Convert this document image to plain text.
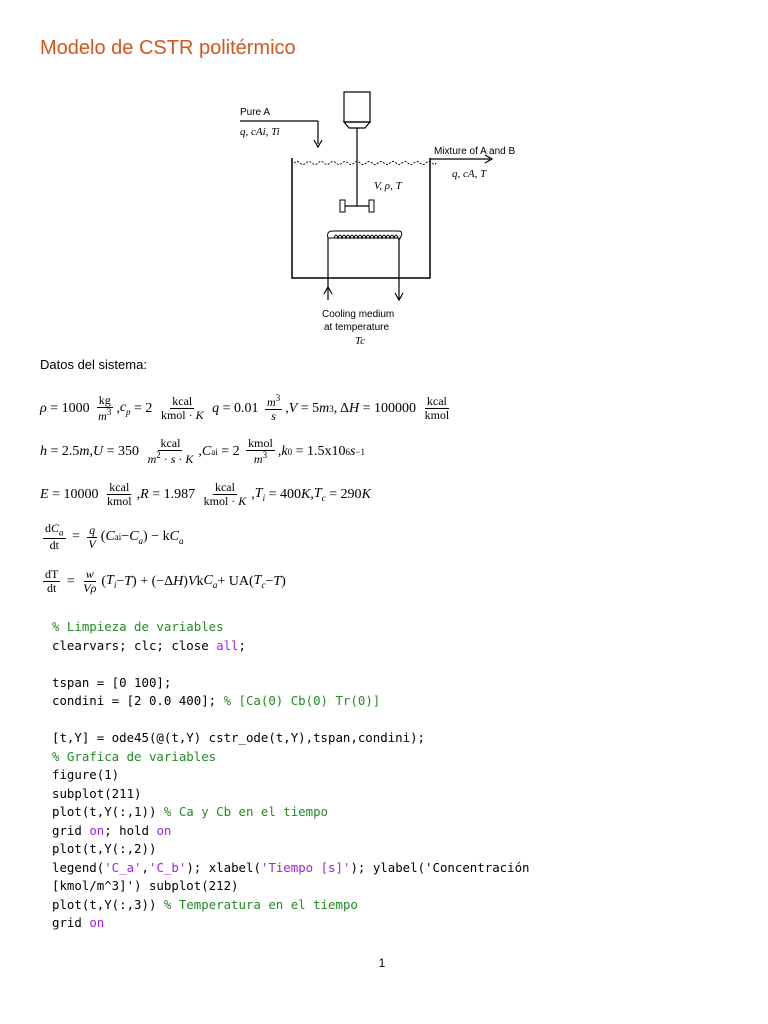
Modelo de CSTR politérmico
Pure A
q, cAi, Ti
Mixture of A and B
q, cA, T
V, ρ, T
Cooling medium
at temperature
Tc
Datos del sistema:
$\rho = 1000 \frac{kg}{m^3}$ , $c_p = 2 \frac{\text{kcal}}{\text{kmol · K}}$
$q = 0.01 \frac{m^3}{s}$ , V = 5 m 3 , Δ $H = 100000 \frac{\text{kcal}}{\text{kmol}}$
h = 2.5 m , $U = 350 \frac{\text{kcal}}{m^2 \cdot s \cdot K}$ , C ai = $2 \frac{\text{kmol}}{m^3}$ , k 0 = 1.5x10 6 s −1
$E = 10000 \frac{\text{kcal}}{\text{kmol}}$ , $R = 1.987 \frac{\text{kcal}}{\text{kmol · K}}$ , $T_i = 400$ K , $T_c = 290$ K
$\frac{dC_a}{dt} = \frac{q}{V}$ ( C ai − $C_a$ ) − k $C_a$
$\frac{dT}{dt} = \frac{w}{V\rho}$ ( $T_i - T$ ) + (−Δ H ) V k $C_a + UA$( $T_c - T$ )
% Limpieza de variables
clearvars; clc; close all;
tspan = [0 100];
condini = [2 0.0 400]; % [Ca(0) Cb(0) Tr(0)]
[t,Y] = ode45(@(t,Y) cstr_ode(t,Y),tspan,condini);
% Grafica de variables
figure(1)
subplot(211)
plot(t,Y(:,1)) % Ca y Cb en el tiempo
grid on; hold on
plot(t,Y(:,2))
legend('C_a','C_b'); xlabel('Tiempo [s]'); ylabel('Concentración
[kmol/m^3]') subplot(212)
plot(t,Y(:,3)) % Temperatura en el tiempo
grid on
1
